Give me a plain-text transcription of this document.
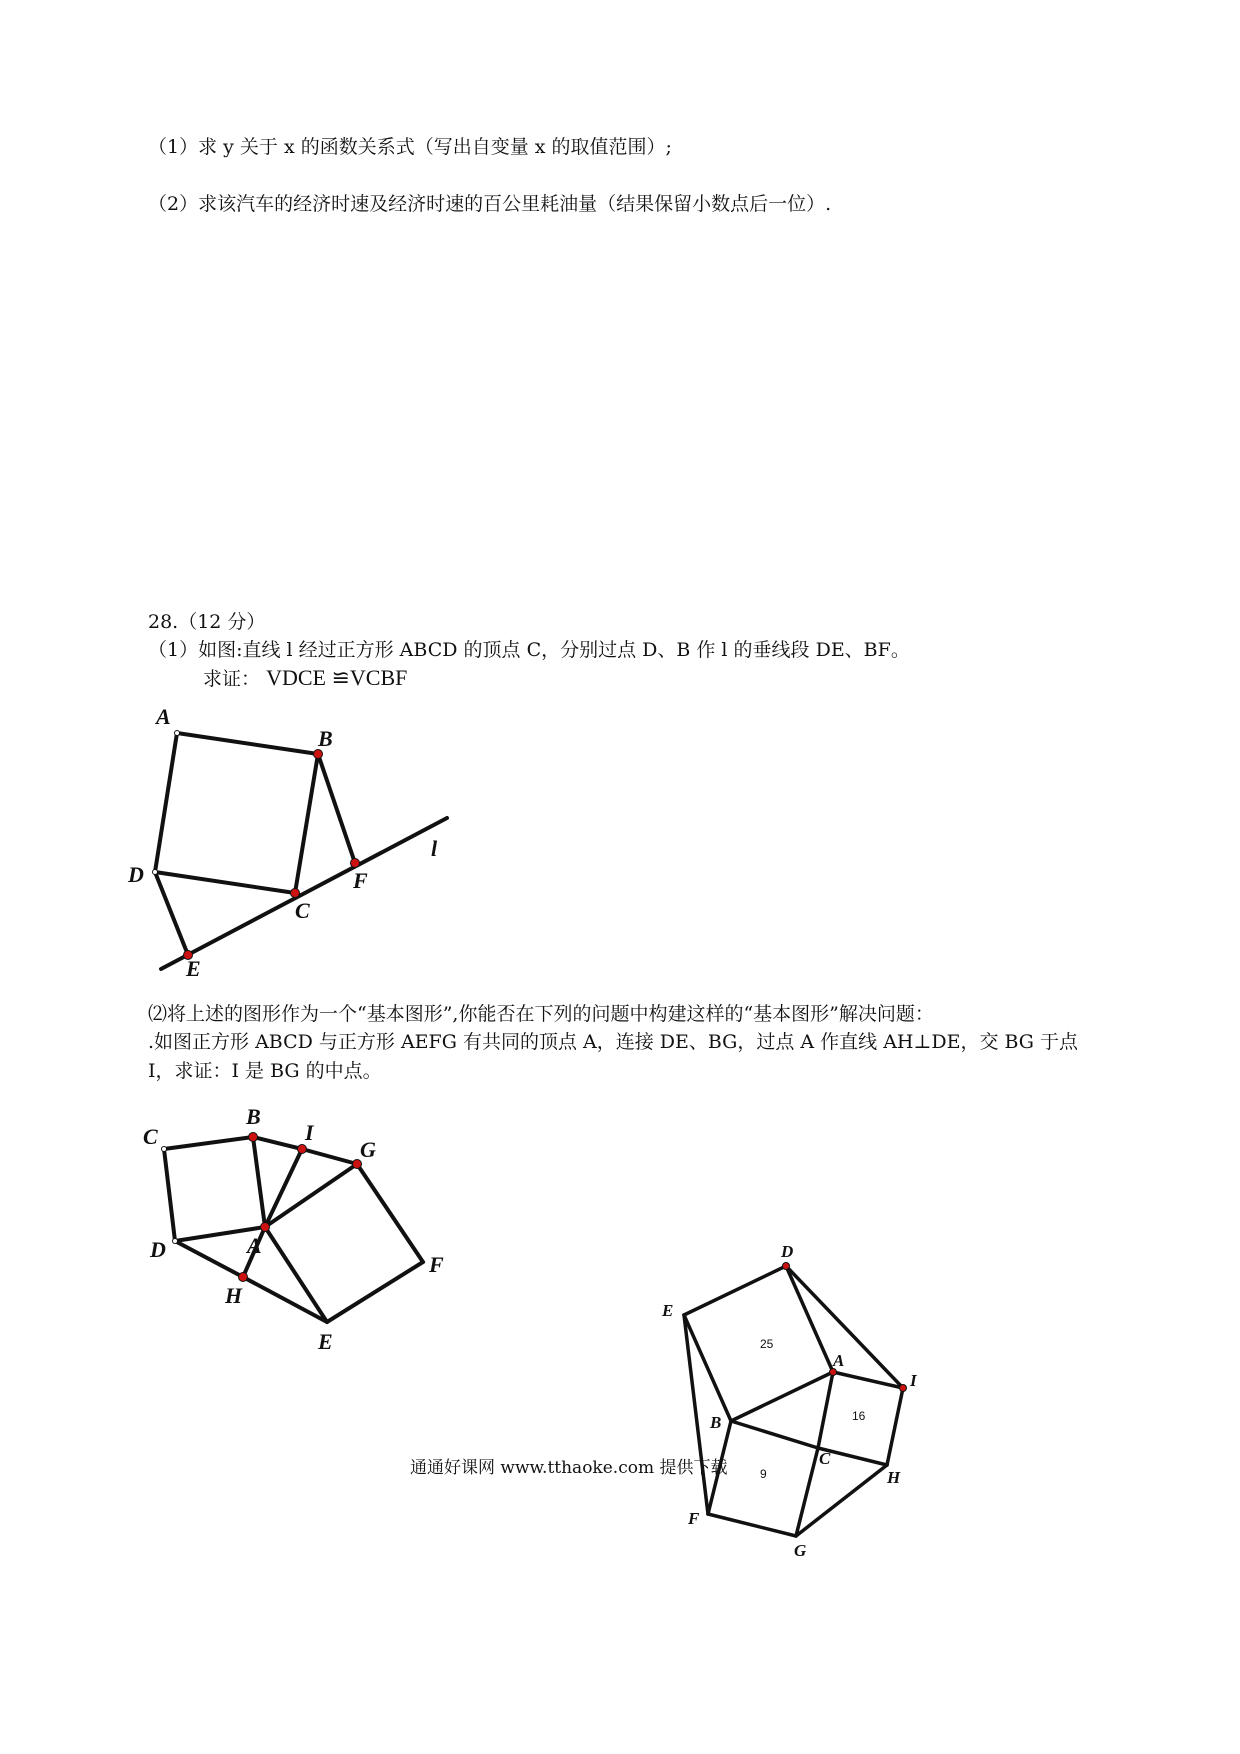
（1）求 y 关于 x 的函数关系式（写出自变量 x 的取值范围）;
（2）求该汽车的经济时速及经济时速的百公里耗油量（结果保留小数点后一位）.
28.（12 分）
（1）如图:直线 l 经过正方形 ABCD 的顶点 C，分别过点 D、B 作 l 的垂线段 DE、BF。
求证： VDCE ≌VCBF
A
B
C
D
E
F
l
⑵将上述的图形作为一个“基本图形”,你能否在下列的问题中构建这样的“基本图形”解决问题：
.如图正方形 ABCD 与正方形 AEFG 有共同的顶点 A，连接 DE、BG，过点 A 作直线 AH⊥DE，交 BG 于点
I，求证：I 是 BG 的中点。
C
B
I
G
D	A
F
H
E
D
E
A
I
B
C
H
F
G
25
16
9
通通好课网 www.tthaoke.com 提供下载
